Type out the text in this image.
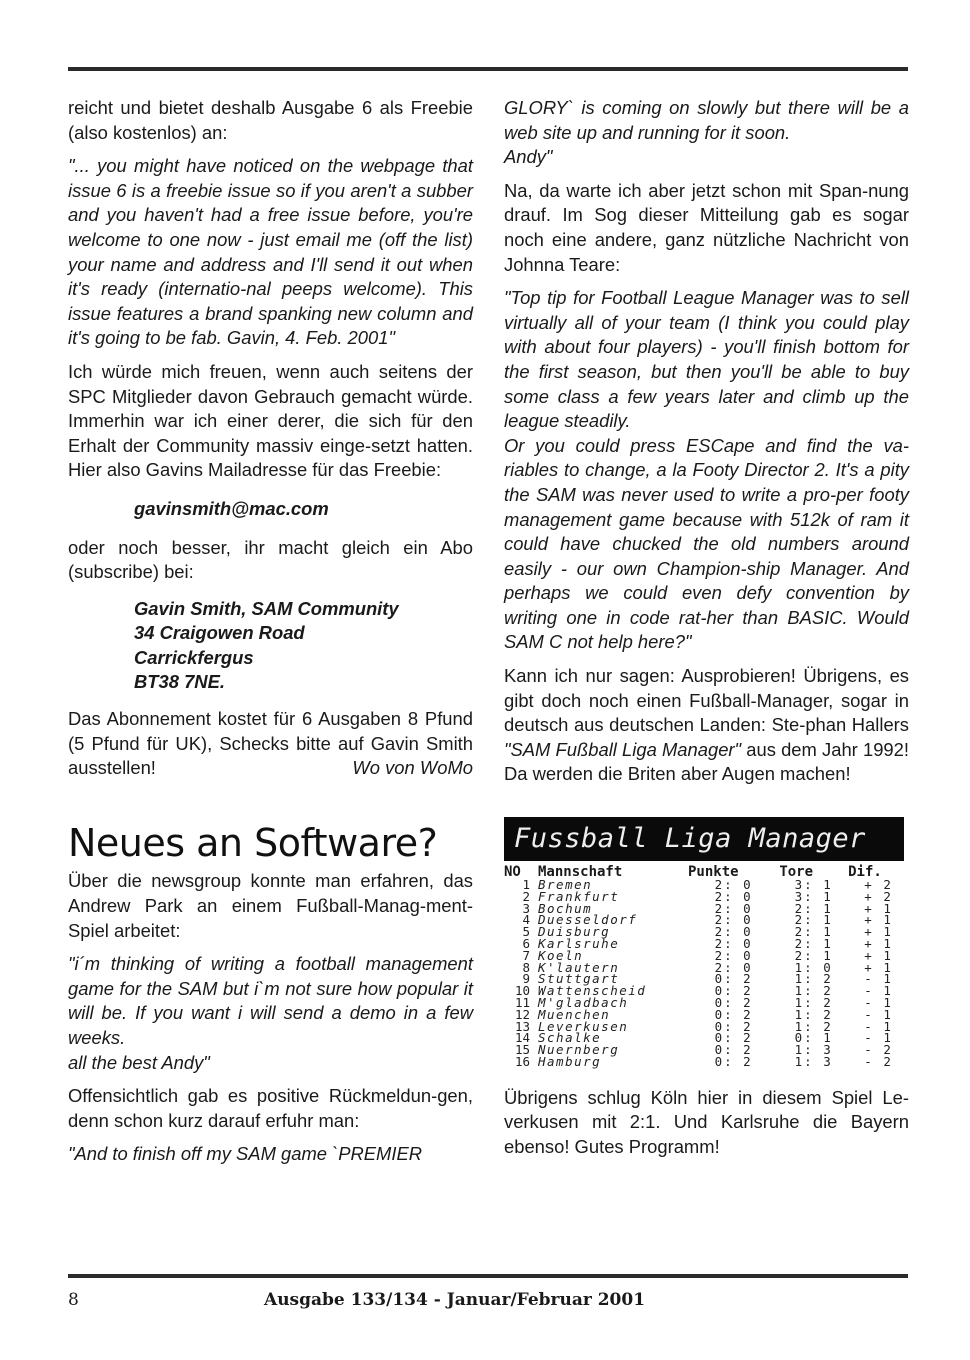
reicht und bietet deshalb Ausgabe 6 als Freebie (also kostenlos) an:

"... you might have noticed on the webpage that issue 6 is a freebie issue so if you aren't a subber and you haven't had a free issue before, you're welcome to one now - just email me (off the list) your name and address and I'll send it out when it's ready (internatio-nal peeps welcome). This issue features a brand spanking new column and it's going to be fab. Gavin, 4. Feb. 2001"

Ich würde mich freuen, wenn auch seitens der SPC Mitglieder davon Gebrauch gemacht würde. Immerhin war ich einer derer, die sich für den Erhalt der Community massiv einge-setzt hatten. Hier also Gavins Mailadresse für das Freebie:

gavinsmith@mac.com

oder noch besser, ihr macht gleich ein Abo (subscribe) bei:

Gavin Smith, SAM Community
34 Craigowen Road
Carrickfergus
BT38 7NE.

Das Abonnement kostet für 6 Ausgaben 8 Pfund (5 Pfund für UK), Schecks bitte auf Gavin Smith ausstellen!	Wo von WoMo
Neues an Software?

Über die newsgroup konnte man erfahren, das Andrew Park an einem Fußball-Manag-ment-Spiel arbeitet:

"i´m thinking of writing a football management game for the SAM but i`m not sure how popular it will be. If you want i will send a demo in a few weeks.
all the best Andy"

Offensichtlich gab es positive Rückmeldun-gen, denn schon kurz darauf erfuhr man:

"And to finish off my SAM game `PREMIER

GLORY` is coming on slowly but there will be a web site up and running for it soon.

Andy"

Na, da warte ich aber jetzt schon mit Span-nung drauf. Im Sog dieser Mitteilung gab es sogar noch eine andere, ganz nützliche Nachricht von Johnna Teare:

"Top tip for Football League Manager was to sell virtually all of your team (I think you could play with about four players) - you'll finish bottom for the first season, but then you'll be able to buy some class a few years later and climb up the league steadily.

Or you could press ESCape and find the va-riables to change, a la Footy Director 2. It's a pity the SAM was never used to write a pro-per footy management game because with 512k of ram it could have chucked the old numbers around easily - our own Champion-ship Manager. And perhaps we could even defy convention by writing one in code rat-her than BASIC. Would SAM C not help here?"

Kann ich nur sagen: Ausprobieren! Übrigens, es gibt doch noch einen Fußball-Manager, sogar in deutsch aus deutschen Landen: Ste-phan Hallers "SAM Fußball Liga Manager" aus dem Jahr 1992! Da werden die Briten aber Augen machen!

Fussball Liga Manager
NO	Mannschaft	Punkte	Tore	Dif.
1	Bremen	2: 0	3: 1	+ 2
2	Frankfurt	2: 0	3: 1	+ 2
3	Bochum	2: 0	2: 1	+ 1
4	Duesseldorf	2: 0	2: 1	+ 1
5	Duisburg	2: 0	2: 1	+ 1
6	Karlsruhe	2: 0	2: 1	+ 1
7	Koeln	2: 0	2: 1	+ 1
8	K'lautern	2: 0	1: 0	+ 1
9	Stuttgart	0: 2	1: 2	- 1
10	Wattenscheid	0: 2	1: 2	- 1
11	M'gladbach	0: 2	1: 2	- 1
12	Muenchen	0: 2	1: 2	- 1
13	Leverkusen	0: 2	1: 2	- 1
14	Schalke	0: 2	0: 1	- 1
15	Nuernberg	0: 2	1: 3	- 2
16	Hamburg	0: 2	1: 3	- 2

Übrigens schlug Köln hier in diesem Spiel Le-verkusen mit 2:1. Und Karlsruhe die Bayern ebenso! Gutes Programm!

8	Ausgabe 133/134 - Januar/Februar 2001
